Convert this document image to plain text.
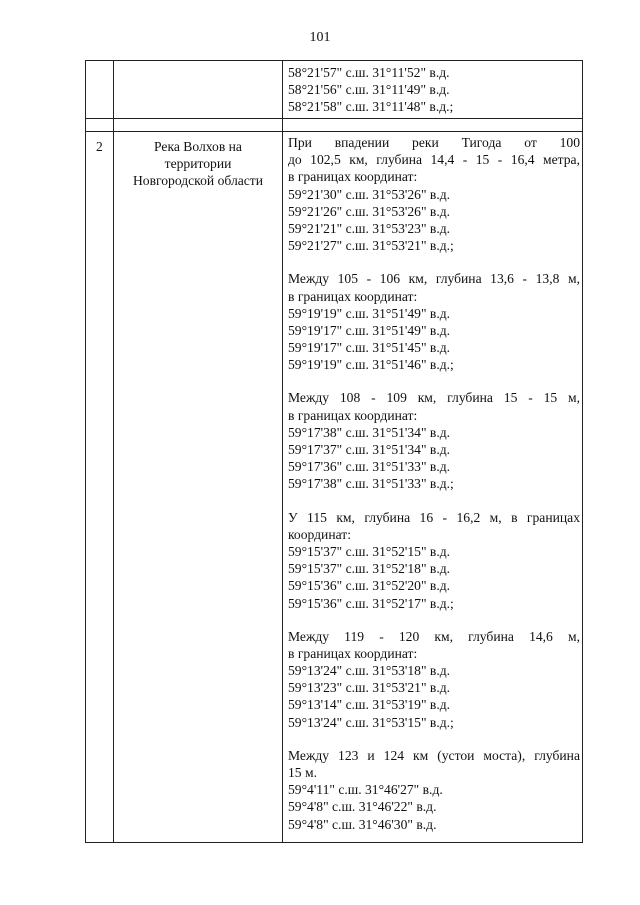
101
58°21'57" с.ш. 31°11'52" в.д.
58°21'56" с.ш. 31°11'49" в.д.
58°21'58" с.ш. 31°11'48" в.д.;
2	Река Волхов на
территории
Новгородской области
При впадении реки Тигода от 100
до 102,5 км, глубина 14,4 - 15 - 16,4 метра,
в границах координат:
59°21'30" с.ш. 31°53'26" в.д.
59°21'26" с.ш. 31°53'26" в.д.
59°21'21" с.ш. 31°53'23" в.д.
59°21'27" с.ш. 31°53'21" в.д.;
Между 105 - 106 км, глубина 13,6 - 13,8 м,
в границах координат:
59°19'19" с.ш. 31°51'49" в.д.
59°19'17" с.ш. 31°51'49" в.д.
59°19'17" с.ш. 31°51'45" в.д.
59°19'19" с.ш. 31°51'46" в.д.;
Между 108 - 109 км, глубина 15 - 15 м,
в границах координат:
59°17'38" с.ш. 31°51'34" в.д.
59°17'37" с.ш. 31°51'34" в.д.
59°17'36" с.ш. 31°51'33" в.д.
59°17'38" с.ш. 31°51'33" в.д.;
У 115 км, глубина 16 - 16,2 м, в границах
координат:
59°15'37" с.ш. 31°52'15" в.д.
59°15'37" с.ш. 31°52'18" в.д.
59°15'36" с.ш. 31°52'20" в.д.
59°15'36" с.ш. 31°52'17" в.д.;
Между 119 - 120 км, глубина 14,6 м,
в границах координат:
59°13'24" с.ш. 31°53'18" в.д.
59°13'23" с.ш. 31°53'21" в.д.
59°13'14" с.ш. 31°53'19" в.д.
59°13'24" с.ш. 31°53'15" в.д.;
Между 123 и 124 км (устои моста), глубина
15 м.
59°4'11" с.ш. 31°46'27" в.д.
59°4'8" с.ш. 31°46'22" в.д.
59°4'8" с.ш. 31°46'30" в.д.
